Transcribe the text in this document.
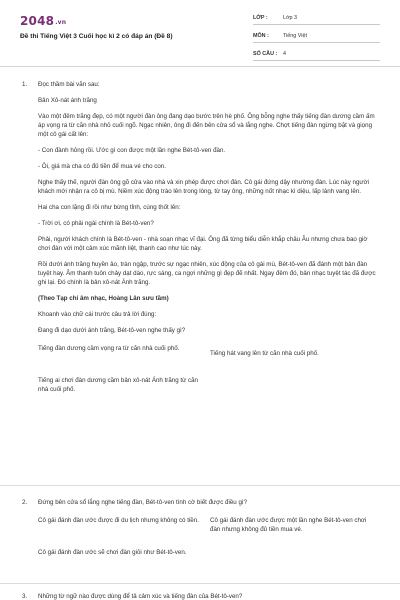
2048.vn
Đề thi Tiếng Việt 3 Cuối học kì 2 có đáp án (Đề 8)
LỚP :	Lớp 3
MÔN :	Tiếng Việt
SỐ CÂU :	4
1. Đọc thầm bài văn sau:

Bản Xô-nát ánh trăng

Vào một đêm trăng đẹp, có một người đàn ông đang dạo bước trên hè phố. Ông bỗng nghe thấy tiếng đàn dương cầm ấm áp vọng ra từ căn nhà nhỏ cuối ngõ. Ngạc nhiên, ông đi đến bên cửa sổ và lắng nghe. Chợt tiếng đàn ngừng bặt và giọng một cô gái cất lên:

- Con đành hỏng rồi. Ước gì con được một lần nghe Bét-tô-ven đàn.

- Ôi, giá mà cha có đủ tiền để mua vé cho con.

Nghe thấy thế, người đàn ông gõ cửa vào nhà và xin phép được chơi đàn. Cô gái đứng dậy nhường đàn. Lúc này người khách mới nhận ra cô bị mù. Niềm xúc động trào lên trong lòng, từ tay ông, những nốt nhạc kì diệu, lấp lánh vang lên.

Hai cha con lặng đi rồi như bừng tỉnh, cùng thốt lên:

- Trời ơi, có phải ngài chính là Bét-tô-ven?

Phải, người khách chính là Bét-tô-ven - nhà soạn nhạc vĩ đại. Ông đã từng biểu diễn khắp châu Âu nhưng chưa bao giờ chơi đàn với một cảm xúc mãnh liệt, thanh cao như lúc này.

Rồi dưới ánh trăng huyền ảo, tràn ngập, trước sự ngạc nhiên, xúc động của cô gái mù, Bét-tô-ven đã đánh một bản đàn tuyệt hay. Âm thanh tuôn chảy dạt dào, rực sáng, ca ngợi những gì đẹp đẽ nhất. Ngay đêm đó, bản nhạc tuyệt tác đã được ghi lại. Đó chính là bản xô-nát Ánh trăng.

(Theo Tạp chí âm nhạc, Hoàng Lân sưu tầm)

Khoanh vào chữ cái trước câu trả lời đúng:

Đang đi dạo dưới ánh trăng, Bét-tô-ven nghe thấy gì?

Tiếng đàn dương cầm vọng ra từ căn nhà cuối phố.
Tiếng hát vang lên từ căn nhà cuối phố.
Tiếng ai chơi đàn dương cầm bản xô-nát Ánh trăng từ căn nhà cuối phố.
2. Đứng bên cửa sổ lắng nghe tiếng đàn, Bét-tô-ven tình cờ biết được điều gì?

Cô gái đánh đàn ước được đi du lịch nhưng không có tiền.	Cô gái đánh đàn ước được một lần nghe Bét-tô-ven chơi đàn nhưng không đủ tiền mua vé.
Cô gái đánh đàn ước sẽ chơi đàn giỏi như Bét-tô-ven.
3. Những từ ngữ nào được dùng để tả cảm xúc và tiếng đàn của Bét-tô-ven?
